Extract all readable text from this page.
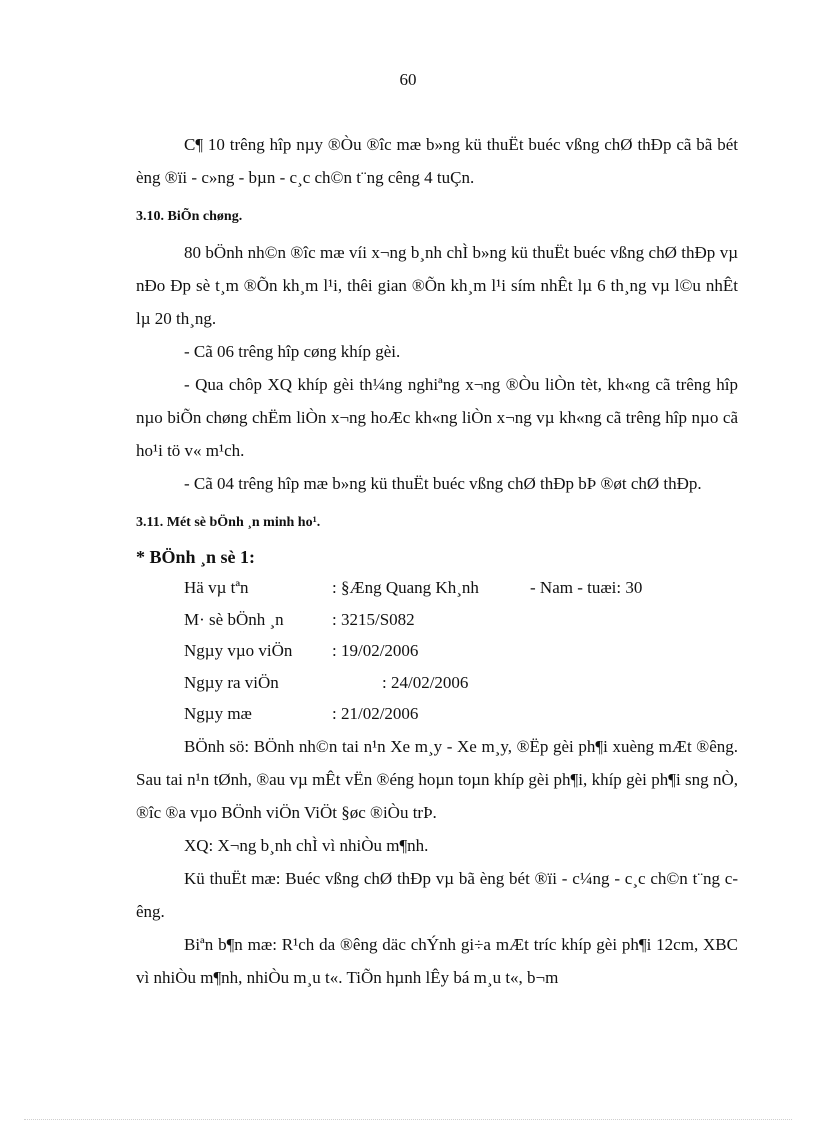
60

C¶ 10 trêng hîp nµy ®Òu ®îc mæ b»ng kü thuËt buéc vßng chØ thÐp cã bã bét èng ®ïi - c»ng - bµn - c¸c ch©n t¨ng cêng 4 tuÇn.

3.10. BiÕn chøng.

80 bÖnh nh©n ®îc mæ víi x¬ng b¸nh chÌ b»ng kü thuËt buéc vßng chØ thÐp vµ nÐo Ðp sè t¸m ®Õn kh¸m l¹i, thêi gian ®Õn kh¸m l¹i sím nhÊt lµ 6 th¸ng vµ l©u nhÊt lµ 20 th¸ng.

- Cã 06 trêng hîp cøng khíp gèi.

- Qua chôp XQ khíp gèi th¼ng nghiªng x¬ng ®Òu liÒn tèt, kh«ng cã trêng hîp nµo biÕn chøng chËm liÒn x¬ng hoÆc kh«ng liÒn x¬ng vµ kh«ng cã trêng hîp nµo cã ho¹i tö v« m¹ch.

- Cã 04 trêng hîp mæ b»ng kü thuËt buéc vßng chØ thÐp bÞ ®øt chØ thÐp.

3.11. Mét sè bÖnh ¸n minh ho¹.

* BÖnh ¸n sè 1:

Hä vµ tªn	: §Æng Quang Kh¸nh	- Nam - tuæi: 30
M· sè bÖnh ¸n	: 3215/S082
Ngµy vµo viÖn : 19/02/2006
Ngµy ra viÖn	: 24/02/2006
Ngµy mæ	: 21/02/2006

BÖnh sö: BÖnh nh©n tai n¹n Xe m¸y - Xe m¸y, ®Ëp gèi ph¶i xuèng mÆt ®êng. Sau tai n¹n tØnh, ®au vµ mÊt vËn ®éng hoµn toµn khíp gèi ph¶i, khíp gèi ph¶i sng nÒ, ®îc ®a vµo BÖnh viÖn ViÖt §øc ®iÒu trÞ.

XQ: X¬ng b¸nh chÌ vì nhiÒu m¶nh.

Kü thuËt mæ: Buéc vßng chØ thÐp vµ bã èng bét ®ïi - c¼ng - c¸c ch©n t¨ng cêng.

Biªn b¶n mæ: R¹ch da ®êng däc chÝnh gi÷a mÆt tríc khíp gèi ph¶i 12cm, XBC vì nhiÒu m¶nh, nhiÒu m¸u t«. TiÕn hµnh lÊy bá m¸u t«, b¬m
